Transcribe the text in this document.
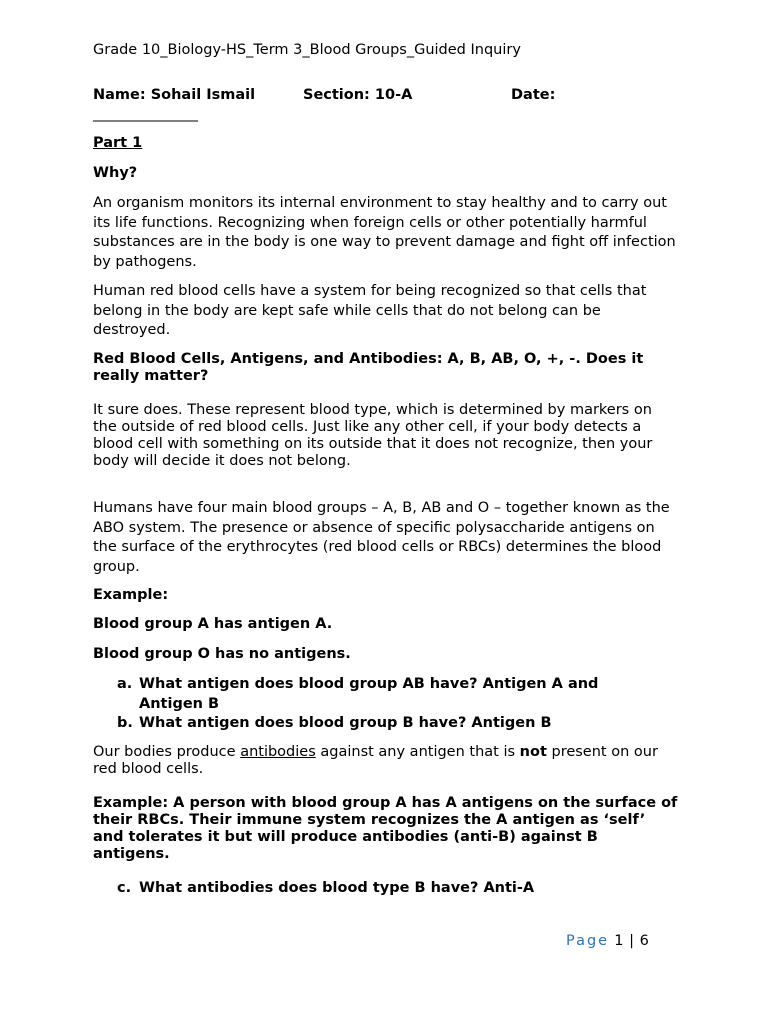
Grade 10_Biology-HS_Term 3_Blood Groups_Guided Inquiry
Name: Sohail Ismail	Section: 10-A	Date:
_______________
Part 1
Why?

An organism monitors its internal environment to stay healthy and to carry out its life functions. Recognizing when foreign cells or other potentially harmful substances are in the body is one way to prevent damage and fight off infection by pathogens.

Human red blood cells have a system for being recognized so that cells that belong in the body are kept safe while cells that do not belong can be destroyed.

Red Blood Cells, Antigens, and Antibodies: A, B, AB, O, +, -. Does it really matter?

It sure does. These represent blood type, which is determined by markers on the outside of red blood cells. Just like any other cell, if your body detects a blood cell with something on its outside that it does not recognize, then your body will decide it does not belong.

Humans have four main blood groups – A, B, AB and O – together known as the ABO system. The presence or absence of specific polysaccharide antigens on the surface of the erythrocytes (red blood cells or RBCs) determines the blood group.

Example:
Blood group A has antigen A.
Blood group O has no antigens.
a. What antigen does blood group AB have? Antigen A and Antigen B
b. What antigen does blood group B have? Antigen B

Our bodies produce antibodies against any antigen that is not present on our red blood cells.

Example: A person with blood group A has A antigens on the surface of their RBCs. Their immune system recognizes the A antigen as ‘self’ and tolerates it but will produce antibodies (anti-B) against B antigens.

c. What antibodies does blood type B have? Anti-A
Page 1 | 6
